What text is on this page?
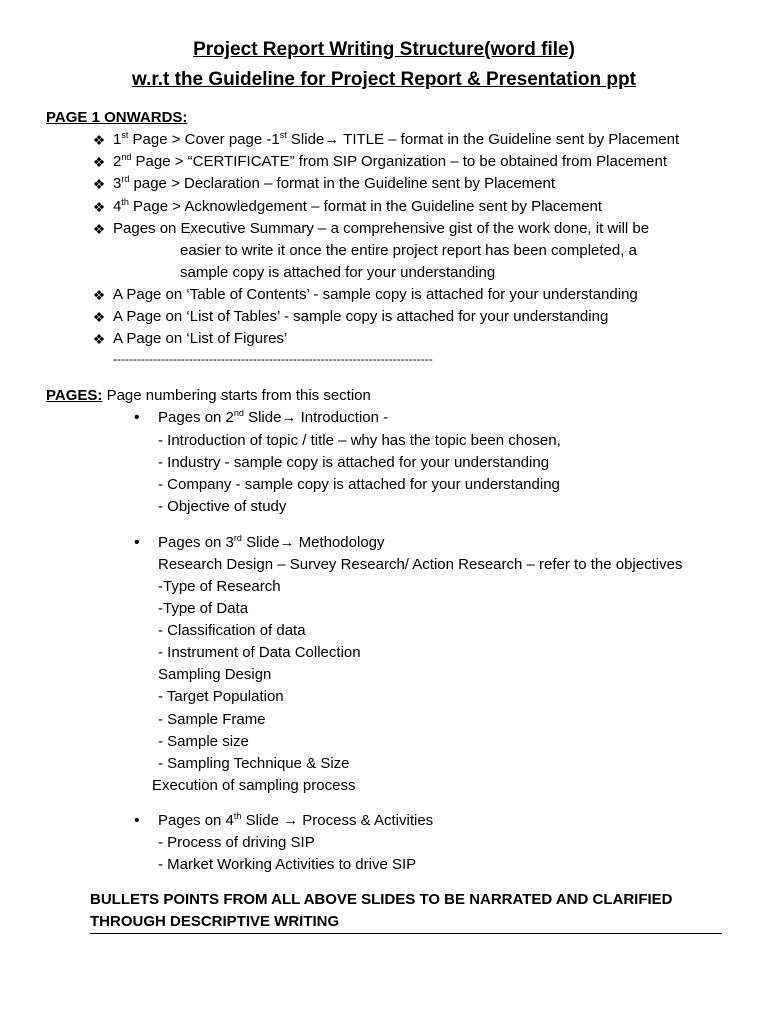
Project Report Writing Structure(word file)
w.r.t the Guideline for Project Report & Presentation ppt
PAGE 1 ONWARDS:
❖ 1st Page > Cover page -1st Slide→ TITLE – format in the Guideline sent by Placement
❖ 2nd Page > “CERTIFICATE” from SIP Organization – to be obtained from Placement
❖ 3rd page > Declaration – format in the Guideline sent by Placement
❖ 4th Page > Acknowledgement – format in the Guideline sent by Placement
❖ Pages on Executive Summary – a comprehensive gist of the work done, it will be
easier to write it once the entire project report has been completed, a
sample copy is attached for your understanding
❖ A Page on ‘Table of Contents’ - sample copy is attached for your understanding
❖ A Page on ‘List of Tables’ - sample copy is attached for your understanding
❖ A Page on ‘List of Figures’
--------------------------------------------------------------------------------
PAGES: Page numbering starts from this section
• Pages on 2nd Slide→ Introduction -
- Introduction of topic / title – why has the topic been chosen,
- Industry - sample copy is attached for your understanding
- Company - sample copy is attached for your understanding
- Objective of study
• Pages on 3rd Slide→ Methodology
Research Design – Survey Research/ Action Research – refer to the objectives
-Type of Research
-Type of Data
- Classification of data
- Instrument of Data Collection
Sampling Design
- Target Population
- Sample Frame
- Sample size
- Sampling Technique & Size
Execution of sampling process
• Pages on 4th Slide → Process & Activities
- Process of driving SIP
- Market Working Activities to drive SIP
BULLETS POINTS FROM ALL ABOVE SLIDES TO BE NARRATED AND CLARIFIED
THROUGH DESCRIPTIVE WRITING
